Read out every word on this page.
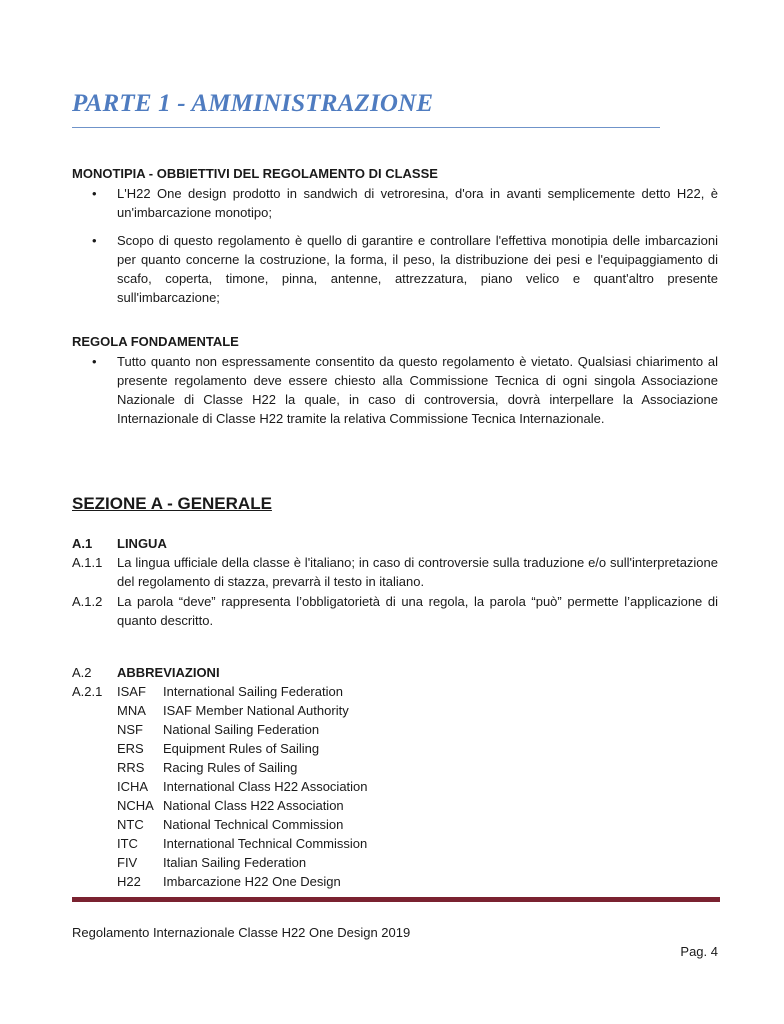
PARTE 1 - AMMINISTRAZIONE
MONOTIPIA - OBBIETTIVI DEL REGOLAMENTO DI CLASSE
• L'H22 One design prodotto in sandwich di vetroresina, d'ora in avanti semplicemente detto H22, è un'imbarcazione monotipo;
• Scopo di questo regolamento è quello di garantire e controllare l'effettiva monotipia delle imbarcazioni per quanto concerne la costruzione, la forma, il peso, la distribuzione dei pesi e l'equipaggiamento di scafo, coperta, timone, pinna, antenne, attrezzatura, piano velico e quant'altro presente sull'imbarcazione;
REGOLA FONDAMENTALE
• Tutto quanto non espressamente consentito da questo regolamento è vietato. Qualsiasi chiarimento al presente regolamento deve essere chiesto alla Commissione Tecnica di ogni singola Associazione Nazionale di Classe H22 la quale, in caso di controversia, dovrà interpellare la Associazione Internazionale di Classe H22 tramite la relativa Commissione Tecnica Internazionale.
SEZIONE A - GENERALE
A.1 LINGUA
A.1.1 La lingua ufficiale della classe è l'italiano; in caso di controversie sulla traduzione e/o sull'interpretazione del regolamento di stazza, prevarrà il testo in italiano.
A.1.2 La parola “deve” rappresenta l’obbligatorietà di una regola, la parola “può” permette l’applicazione di quanto descritto.
A.2 ABBREVIAZIONI
A.2.1 ISAF International Sailing Federation
MNA ISAF Member National Authority
NSF National Sailing Federation
ERS Equipment Rules of Sailing
RRS Racing Rules of Sailing
ICHA International Class H22 Association
NCHA National Class H22 Association
NTC National Technical Commission
ITC International Technical Commission
FIV Italian Sailing Federation
H22 Imbarcazione H22 One Design
Regolamento Internazionale Classe H22 One Design 2019
Pag. 4
